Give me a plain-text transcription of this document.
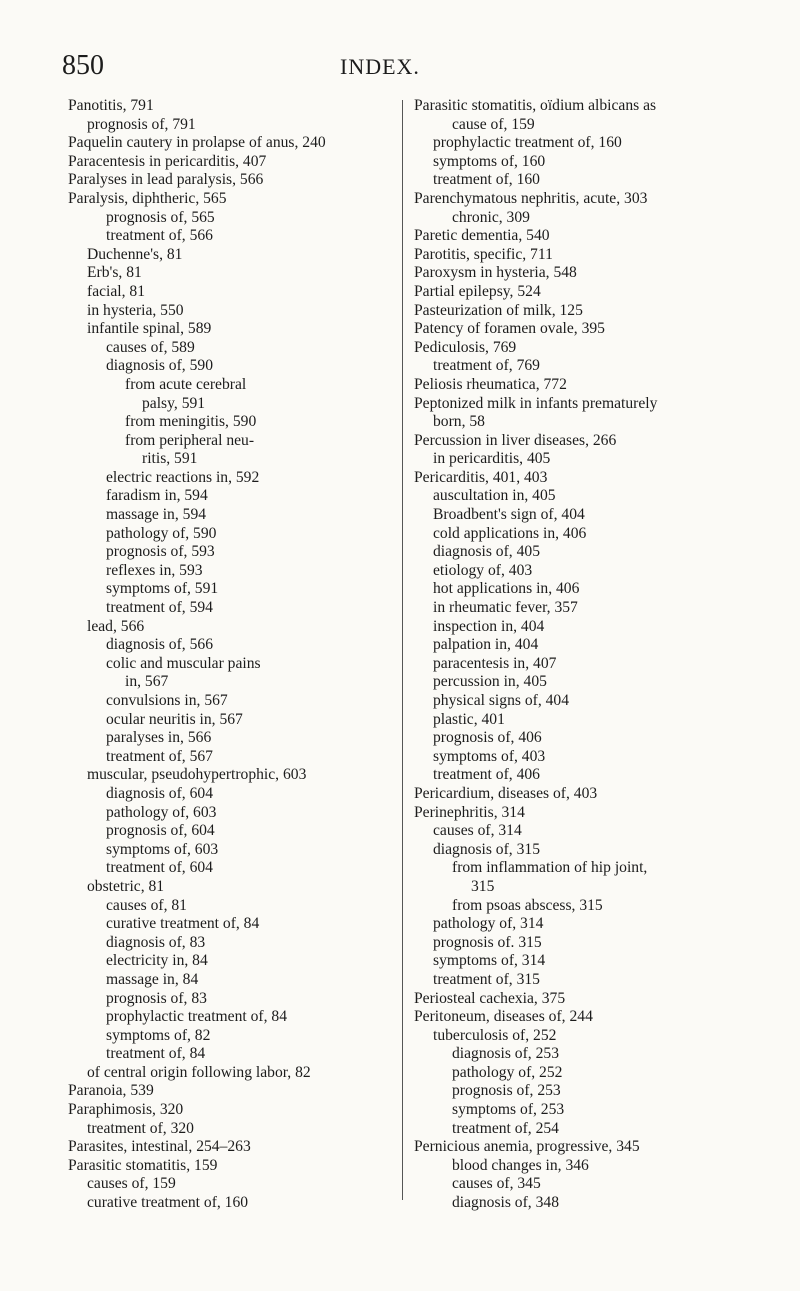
850	INDEX.
Panotitis, 791
prognosis of, 791
Paquelin cautery in prolapse of anus, 240
Paracentesis in pericarditis, 407
Paralyses in lead paralysis, 566
Paralysis, diphtheric, 565
prognosis of, 565
treatment of, 566
Duchenne's, 81
Erb's, 81
facial, 81
in hysteria, 550
infantile spinal, 589
causes of, 589
diagnosis of, 590
from acute cerebral
palsy, 591
from meningitis, 590
from peripheral neu-
ritis, 591
electric reactions in, 592
faradism in, 594
massage in, 594
pathology of, 590
prognosis of, 593
reflexes in, 593
symptoms of, 591
treatment of, 594
lead, 566
diagnosis of, 566
colic and muscular pains
in, 567
convulsions in, 567
ocular neuritis in, 567
paralyses in, 566
treatment of, 567
muscular, pseudohypertrophic, 603
diagnosis of, 604
pathology of, 603
prognosis of, 604
symptoms of, 603
treatment of, 604
obstetric, 81
causes of, 81
curative treatment of, 84
diagnosis of, 83
electricity in, 84
massage in, 84
prognosis of, 83
prophylactic treatment of, 84
symptoms of, 82
treatment of, 84
of central origin following labor, 82
Paranoia, 539
Paraphimosis, 320
treatment of, 320
Parasites, intestinal, 254–263
Parasitic stomatitis, 159
causes of, 159
curative treatment of, 160
Parasitic stomatitis, oïdium albicans as
cause of, 159
prophylactic treatment of, 160
symptoms of, 160
treatment of, 160
Parenchymatous nephritis, acute, 303
chronic, 309
Paretic dementia, 540
Parotitis, specific, 711
Paroxysm in hysteria, 548
Partial epilepsy, 524
Pasteurization of milk, 125
Patency of foramen ovale, 395
Pediculosis, 769
treatment of, 769
Peliosis rheumatica, 772
Peptonized milk in infants prematurely
born, 58
Percussion in liver diseases, 266
in pericarditis, 405
Pericarditis, 401, 403
auscultation in, 405
Broadbent's sign of, 404
cold applications in, 406
diagnosis of, 405
etiology of, 403
hot applications in, 406
in rheumatic fever, 357
inspection in, 404
palpation in, 404
paracentesis in, 407
percussion in, 405
physical signs of, 404
plastic, 401
prognosis of, 406
symptoms of, 403
treatment of, 406
Pericardium, diseases of, 403
Perinephritis, 314
causes of, 314
diagnosis of, 315
from inflammation of hip joint,
315
from psoas abscess, 315
pathology of, 314
prognosis of. 315
symptoms of, 314
treatment of, 315
Periosteal cachexia, 375
Peritoneum, diseases of, 244
tuberculosis of, 252
diagnosis of, 253
pathology of, 252
prognosis of, 253
symptoms of, 253
treatment of, 254
Pernicious anemia, progressive, 345
blood changes in, 346
causes of, 345
diagnosis of, 348
